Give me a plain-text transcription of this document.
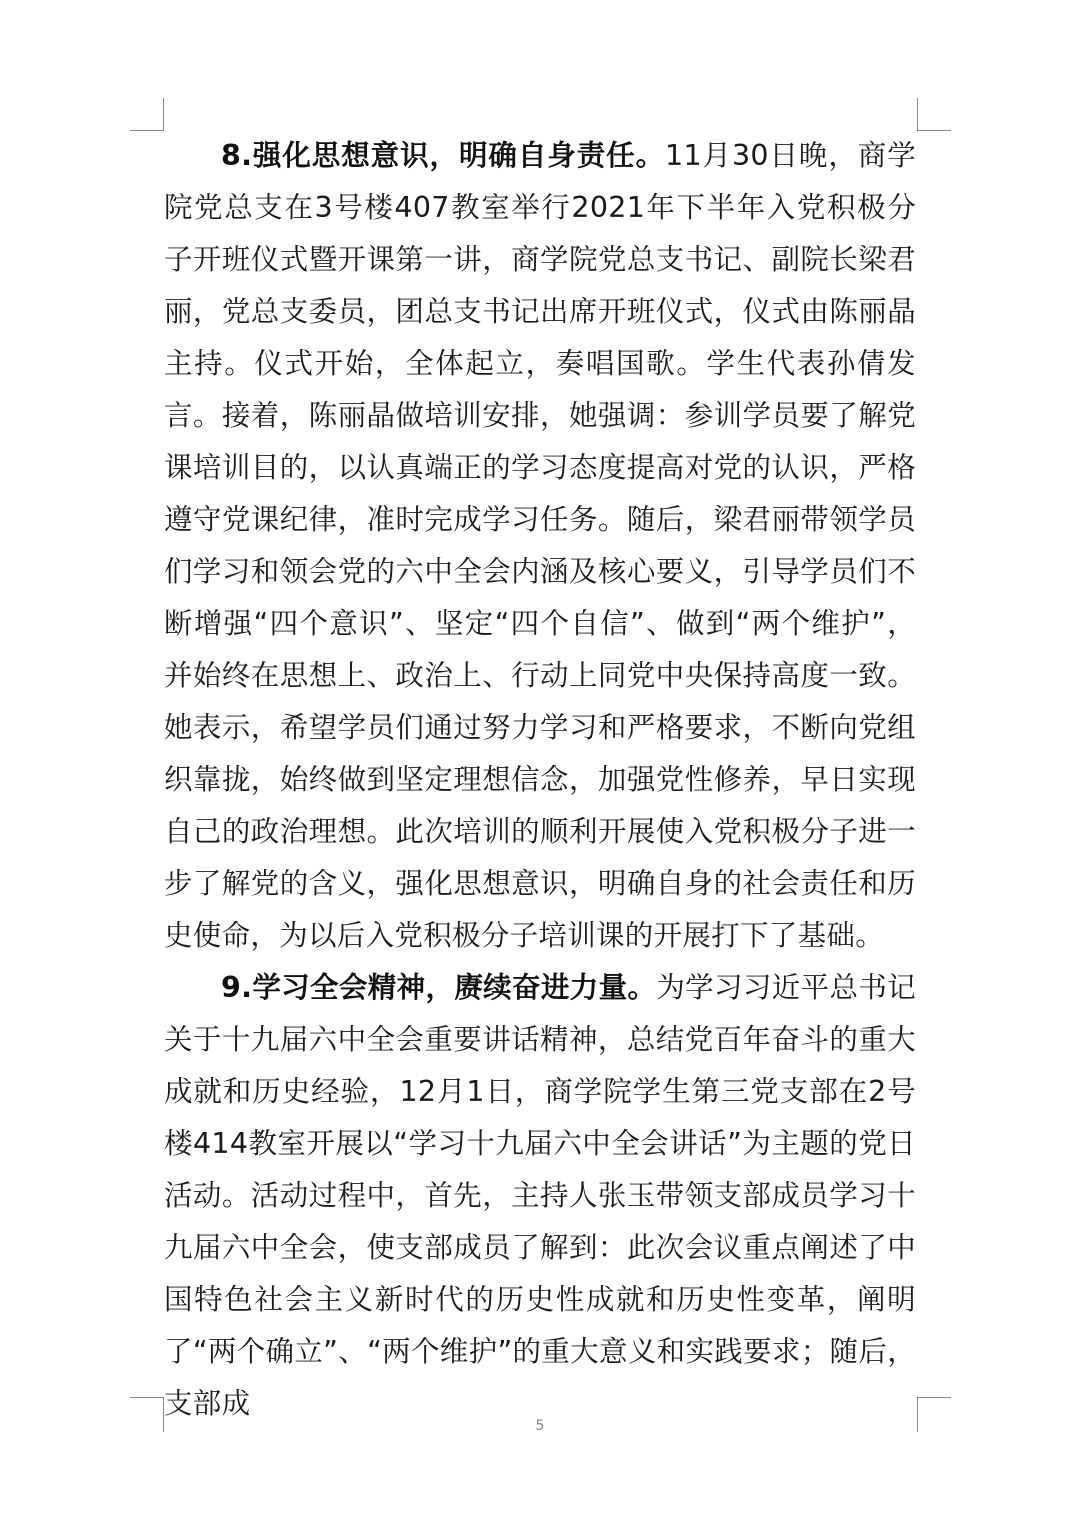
8.强化思想意识，明确自身责任。11月30日晚，商学院党总支在3号楼407教室举行2021年下半年入党积极分子开班仪式暨开课第一讲，商学院党总支书记、副院长梁君丽，党总支委员，团总支书记出席开班仪式，仪式由陈丽晶主持。仪式开始，全体起立，奏唱国歌。学生代表孙倩发言。接着，陈丽晶做培训安排，她强调：参训学员要了解党课培训目的，以认真端正的学习态度提高对党的认识，严格遵守党课纪律，准时完成学习任务。随后，梁君丽带领学员们学习和领会党的六中全会内涵及核心要义，引导学员们不断增强“四个意识”、坚定“四个自信”、做到“两个维护”，并始终在思想上、政治上、行动上同党中央保持高度一致。她表示，希望学员们通过努力学习和严格要求，不断向党组织靠拢，始终做到坚定理想信念，加强党性修养，早日实现自己的政治理想。此次培训的顺利开展使入党积极分子进一步了解党的含义，强化思想意识，明确自身的社会责任和历史使命，为以后入党积极分子培训课的开展打下了基础。

9.学习全会精神，赓续奋进力量。为学习习近平总书记关于十九届六中全会重要讲话精神，总结党百年奋斗的重大成就和历史经验，12月1日，商学院学生第三党支部在2号楼414教室开展以“学习十九届六中全会讲话”为主题的党日活动。活动过程中，首先，主持人张玉带领支部成员学习十九届六中全会，使支部成员了解到：此次会议重点阐述了中国特色社会主义新时代的历史性成就和历史性变革，阐明了“两个确立”、“两个维护”的重大意义和实践要求；随后，支部成

5
